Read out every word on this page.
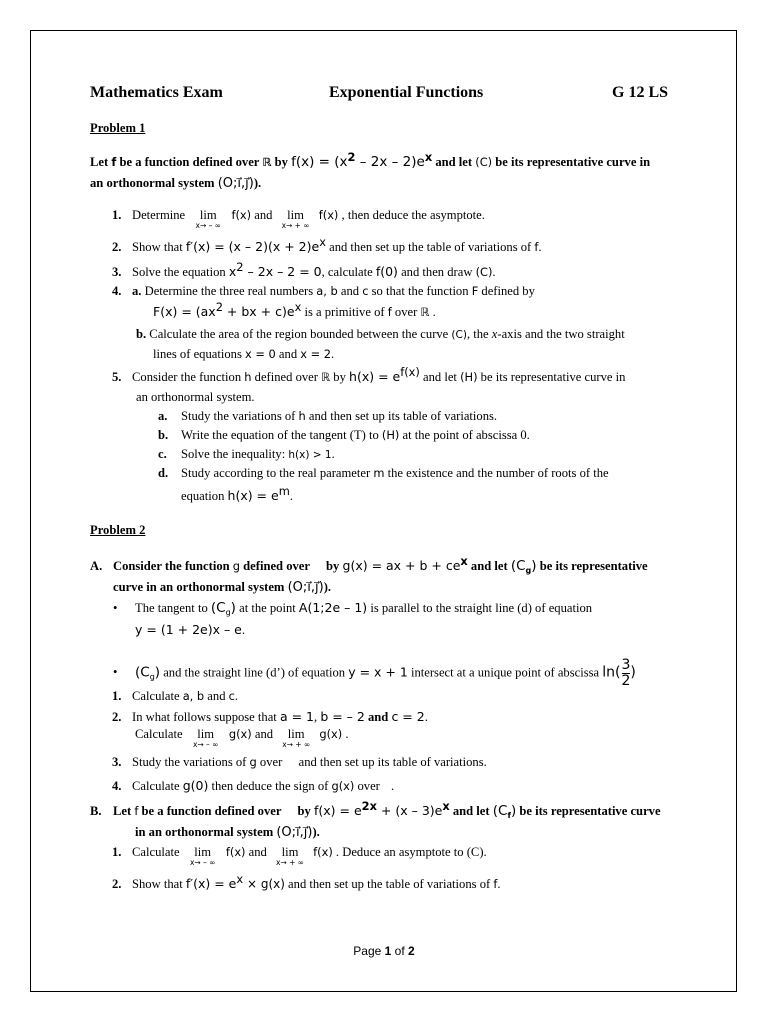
Mathematics Exam	Exponential Functions	G 12 LS
Problem 1
Let f be a function defined over ℝ by $f(x) = (x^2 - 2x - 2)e^x$ and let (C) be its representative curve in
an orthonormal system (O;i⃗,j⃗)).
1. Determine lim
x→ – ∞
f(x) and lim
x→ + ∞
f(x) , then deduce the asymptote.
2. Show that $f'(x) = (x - 2)(x + 2)e^x$ and then set up the table of variations of f.
3. Solve the equation $x^2 - 2x - 2 = 0$, calculate f(0) and then draw (C).
4. a. Determine the three real numbers a, b and c so that the function F defined by
$F(x) = (ax^2$ + bx + $c)e^x$ is a primitive of f over ℝ .
b. Calculate the area of the region bounded between the curve (C), the x-axis and the two straight
lines of equations x = 0 and x = 2.
5. Consider the function h defined over ℝ by $h(x) = e^{f(x)}$ and let (H) be its representative curve in
an orthonormal system.
a. Study the variations of h and then set up its table of variations.
b. Write the equation of the tangent (T) to (H) at the point of abscissa 0.
c. Solve the inequality: h(x) > 1.
d. Study according to the real parameter m the existence and the number of roots of the
equation $h(x) = e^m$.
Problem 2
A. Consider the function g defined over  by g(x) = ax + $b + ce^x$ and let $(C_g)$ be its representative
curve in an orthonormal system (O;i⃗,j⃗)).
• The tangent to $(C_g)$ at the point A(1;2e – 1) is parallel to the straight line (d) of equation
y = (1 + 2e)x – e.
• $(C_g)$ and the straight line (d’) of equation y = x + 1 intersect at a unique point of abscissa $\ln( \frac{3}{2}$ )
1. Calculate a, b and c.
2. In what follows suppose that a = 1, b = – 2 and c = 2.
Calculate lim
x→ – ∞
g(x) and lim
x→ + ∞
g(x) .
3. Study the variations of g over  and then set up its table of variations.
4. Calculate g(0) then deduce the sign of g(x) over .
B. Let f be a function defined over  by $f(x) = e^{2x} + (x - 3)e^x$ and let $(C_f)$ be its representative curve
in an orthonormal system (O;i⃗,j⃗)).
1. Calculate lim
x→ – ∞
f(x) and lim
x→ + ∞
f(x) . Deduce an asymptote to (C).
2. Show that $f'(x) = e^x \times g(x)$ and then set up the table of variations of f.
Page 1 of 2
